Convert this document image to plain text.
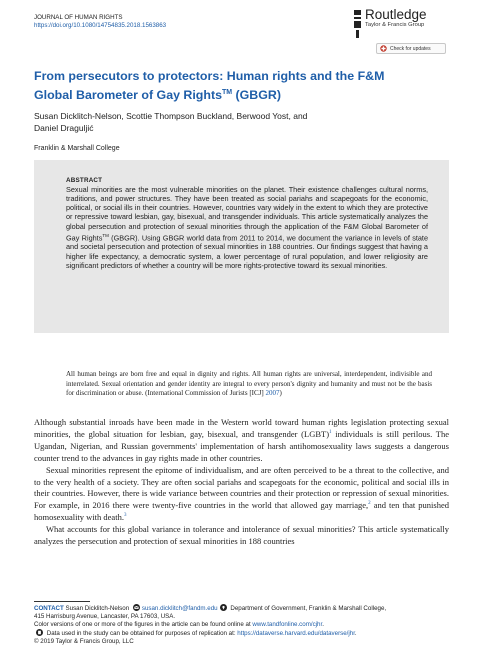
JOURNAL OF HUMAN RIGHTS
https://doi.org/10.1080/14754835.2018.1563863
Routledge
Taylor & Francis Group
Check for updates
From persecutors to protectors: Human rights and the F&M
Global Barometer of Gay Rights™ (GBGR)
Susan Dicklitch-Nelson, Scottie Thompson Buckland, Berwood Yost, and
Daniel Draguljić
Franklin & Marshall College
ABSTRACT
Sexual minorities are the most vulnerable minorities on the planet. Their existence challenges cultural norms, traditions, and power structures. They have been treated as social pariahs and scapegoats for the economic, political, or social ills in their countries. However, countries vary widely in the extent to which they are protective or repressive toward lesbian, gay, bisexual, and transgender individuals. This article systematically analyzes the global persecution and protection of sexual minorities through the application of the F&M Global Barometer of Gay Rights™ (GBGR). Using GBGR world data from 2011 to 2014, we document the variance in levels of state and societal persecution and protection of sexual minorities in 188 countries. Our findings suggest that having a higher life expectancy, a democratic system, a lower percentage of rural population, and lower religiosity are significant predictors of whether a country will be more rights-protective toward its sexual minorities.
All human beings are born free and equal in dignity and rights. All human rights are universal, interdependent, indivisible and interrelated. Sexual orientation and gender identity are integral to every person's dignity and humanity and must not be the basis for discrimination or abuse. (International Commission of Jurists [ICJ] 2007)

Although substantial inroads have been made in the Western world toward human rights legislation protecting sexual minorities, the global situation for lesbian, gay, bisexual, and transgender (LGBT)$^1$ individuals is still perilous. The Ugandan, Nigerian, and Russian governments' implementation of harsh antihomosexuality laws suggests a dangerous counter trend to the advances in gay rights made in other countries.

Sexual minorities represent the epitome of individualism, and are often perceived to be a threat to the collective, and to the very health of a society. They are often social pariahs and scapegoats for the economic, political and social ills in their countries. However, there is wide variance between countries and their protection or repression of sexual minorities. For example, in 2016 there were twenty-five countries in the world that allowed gay marriage,$^2$ and ten that punished homosexuality with death.$^3$

What accounts for this global variance in tolerance and intolerance of sexual minorities? This article systematically analyzes the persecution and protection of sexual minorities in 188 countries

CONTACT Susan Dicklitch-Nelson susan.dicklitch@fandm.edu Department of Government, Franklin & Marshall College,
415 Harrisburg Avenue, Lancaster, PA 17603, USA.
Color versions of one or more of the figures in the article can be found online at www.tandfonline.com/cjhr.
Data used in the study can be obtained for purposes of replication at: https://dataverse.harvard.edu/dataverse/jhr.
© 2019 Taylor & Francis Group, LLC
